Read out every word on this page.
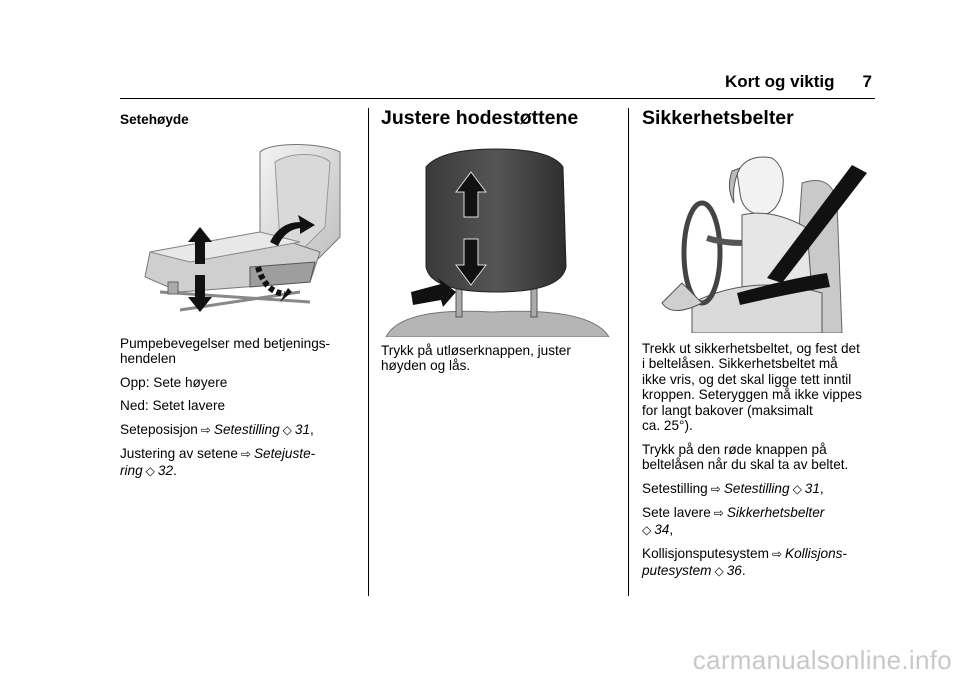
Kort og viktig 7
Setehøyde

Pumpebevegelser med betjenings-
hendelen

Opp: Sete høyere

Ned: Setet lavere

Seteposisjon ⇨ Setestilling ◇ 31,

Justering av setene ⇨ Setejuste-
ring ◇ 32.

Justere hodestøttene

Trykk på utløserknappen, juster
høyden og lås.

Sikkerhetsbelter

Trekk ut sikkerhetsbeltet, og fest det
i beltelåsen. Sikkerhetsbeltet må
ikke vris, og det skal ligge tett inntil
kroppen. Seteryggen må ikke vippes
for langt bakover (maksimalt
ca. 25°).

Trykk på den røde knappen på
beltelåsen når du skal ta av beltet.

Setestilling ⇨ Setestilling ◇ 31,

Sete lavere ⇨ Sikkerhetsbelter
◇ 34,

Kollisjonsputesystem ⇨ Kollisjons-
putesystem ◇ 36.

carmanualsonline.info
